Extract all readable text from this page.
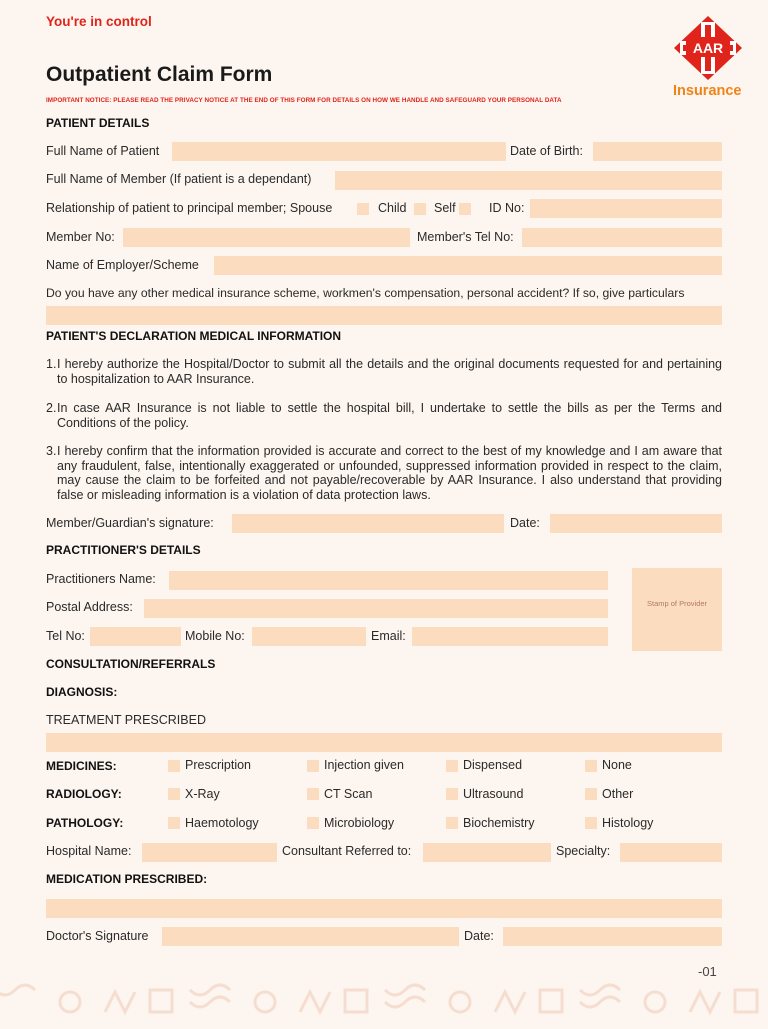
You're in control
Outpatient Claim Form
IMPORTANT NOTICE: PLEASE READ THE PRIVACY NOTICE AT THE END OF THIS FORM FOR DETAILS ON HOW WE HANDLE AND SAFEGUARD YOUR PERSONAL DATA
AAR
Insurance
PATIENT DETAILS
Full Name of Patient	Date of Birth:
Full Name of Member (If patient is a dependant)
Relationship of patient to principal member; Spouse	Child Self	ID No:
Member No:	Member's Tel No:
Name of Employer/Scheme
Do you have any other medical insurance scheme, workmen's compensation, personal accident? If so, give particulars
PATIENT'S DECLARATION MEDICAL INFORMATION
1. I hereby authorize the Hospital/Doctor to submit all the details and the original documents requested for and pertaining to hospitalization to AAR Insurance.
2. In case AAR Insurance is not liable to settle the hospital bill, I undertake to settle the bills as per the Terms and Conditions of the policy.
3. I hereby confirm that the information provided is accurate and correct to the best of my knowledge and I am aware that any fraudulent, false, intentionally exaggerated or unfounded, suppressed information provided in respect to the claim, may cause the claim to be forfeited and not payable/recoverable by AAR Insurance. I also understand that providing false or misleading information is a violation of data protection laws.
Member/Guardian's signature:	Date:
PRACTITIONER'S DETAILS
Practitioners Name:
Postal Address:
Tel No:	Mobile No:	Email:
Stamp of Provider
CONSULTATION/REFERRALS
DIAGNOSIS:
TREATMENT PRESCRIBED
MEDICINES:	Prescription	Injection given	Dispensed	None
RADIOLOGY:	X-Ray	CT Scan	Ultrasound	Other
PATHOLOGY:	Haemotology	Microbiology	Biochemistry	Histology
Hospital Name:	Consultant Referred to:	Specialty:
MEDICATION PRESCRIBED:
Doctor's Signature	Date:
-01
